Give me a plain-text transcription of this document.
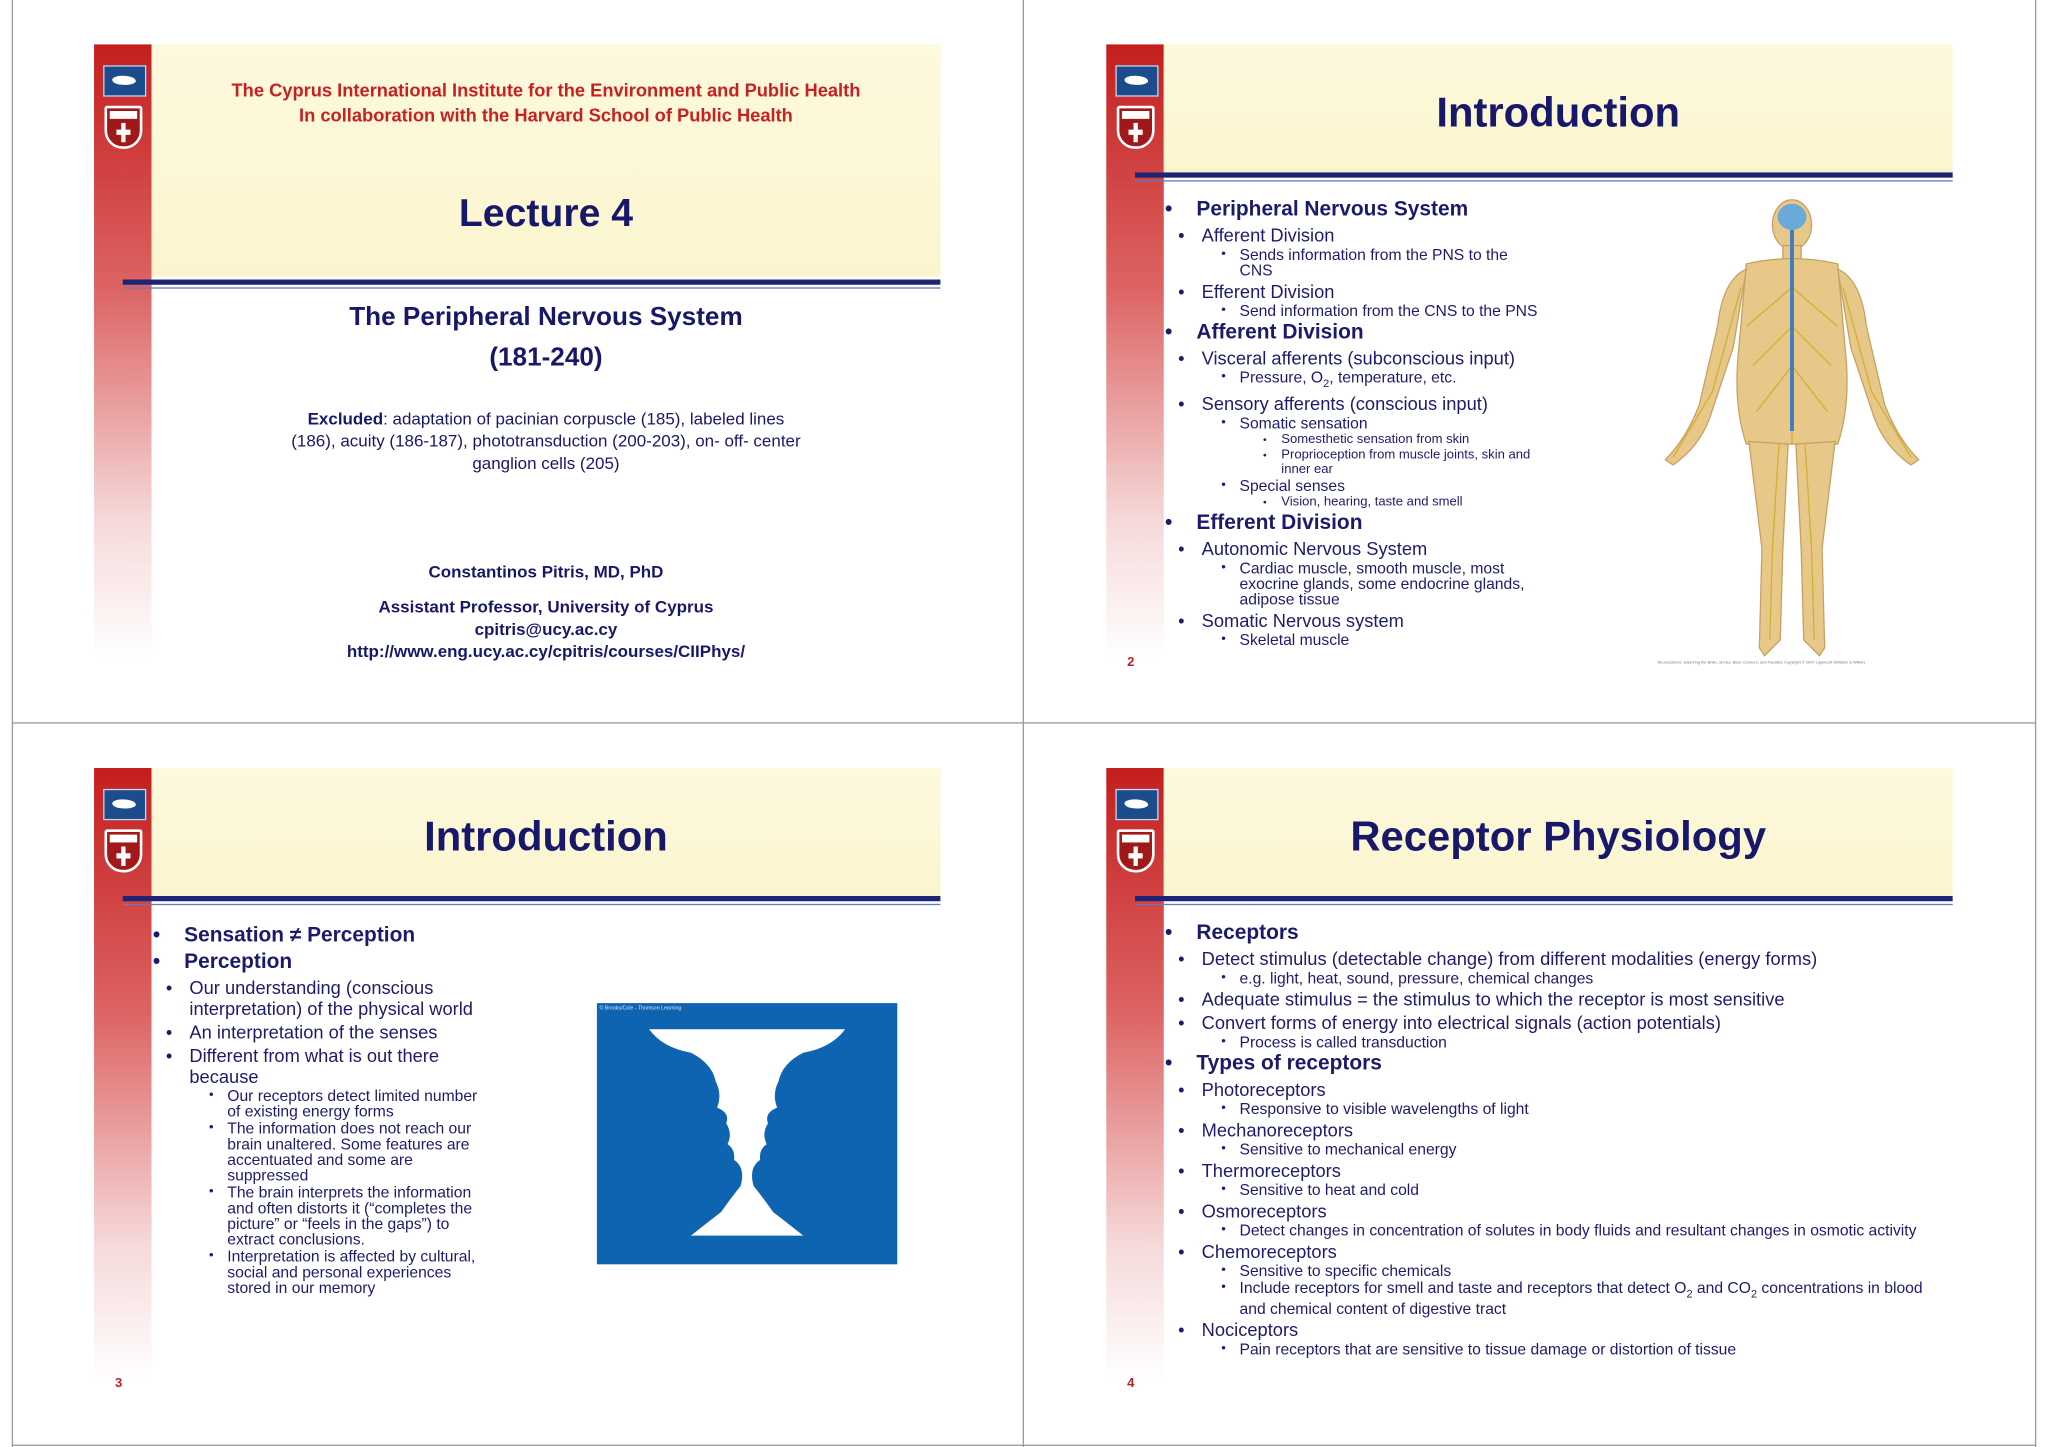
The Cyprus International Institute for the Environment and Public Health
In collaboration with the Harvard School of Public Health
Lecture 4
The Peripheral Nervous System
(181-240)
Excluded: adaptation of pacinian corpuscle (185), labeled lines
(186), acuity (186-187), phototransduction (200-203), on- off- center
ganglion cells (205)
Constantinos Pitris, MD, PhD
Assistant Professor, University of Cyprus
cpitris@ucy.ac.cy
http://www.eng.ucy.ac.cy/cpitris/courses/CIIPhys/
Introduction
• Peripheral Nervous System
• Afferent Division
• Sends information from the PNS to the
CNS
• Efferent Division
• Send information from the CNS to the PNS
• Afferent Division
• Visceral afferents (subconscious input)
• Pressure, $O_2$, temperature, etc.
• Sensory afferents (conscious input)
• Somatic sensation
• Somesthetic sensation from skin
• Proprioception from muscle joints, skin and
inner ear
• Special senses
• Vision, hearing, taste and smell
• Efferent Division
• Autonomic Nervous System
• Cardiac muscle, smooth muscle, most
exocrine glands, some endocrine glands,
adipose tissue
• Somatic Nervous system
• Skeletal muscle
2	Neuroscience: Exploring the Brain, 3rd Ed, Bear, Connors, and Paradiso Copyright © 2007 Lippincott Williams & Wilkins
Introduction
• Sensation ≠ Perception
• Perception
• Our understanding (conscious
interpretation) of the physical world
• An interpretation of the senses
• Different from what is out there
because
• Our receptors detect limited number
of existing energy forms
• The information does not reach our
brain unaltered. Some features are
accentuated and some are
suppressed
• The brain interprets the information
and often distorts it (“completes the
picture” or “feels in the gaps”) to
extract conclusions.
• Interpretation is affected by cultural,
social and personal experiences
stored in our memory
© Brooks/Cole - Thomson Learning
3
Receptor Physiology
• Receptors
• Detect stimulus (detectable change) from different modalities (energy forms)
• e.g. light, heat, sound, pressure, chemical changes
• Adequate stimulus = the stimulus to which the receptor is most sensitive
• Convert forms of energy into electrical signals (action potentials)
• Process is called transduction
• Types of receptors
• Photoreceptors
• Responsive to visible wavelengths of light
• Mechanoreceptors
• Sensitive to mechanical energy
• Thermoreceptors
• Sensitive to heat and cold
• Osmoreceptors
• Detect changes in concentration of solutes in body fluids and resultant changes in osmotic activity
• Chemoreceptors
• Sensitive to specific chemicals
• Include receptors for smell and taste and receptors that detect $O_2$ and $CO_2$ concentrations in blood
and chemical content of digestive tract
• Nociceptors
• Pain receptors that are sensitive to tissue damage or distortion of tissue
4
